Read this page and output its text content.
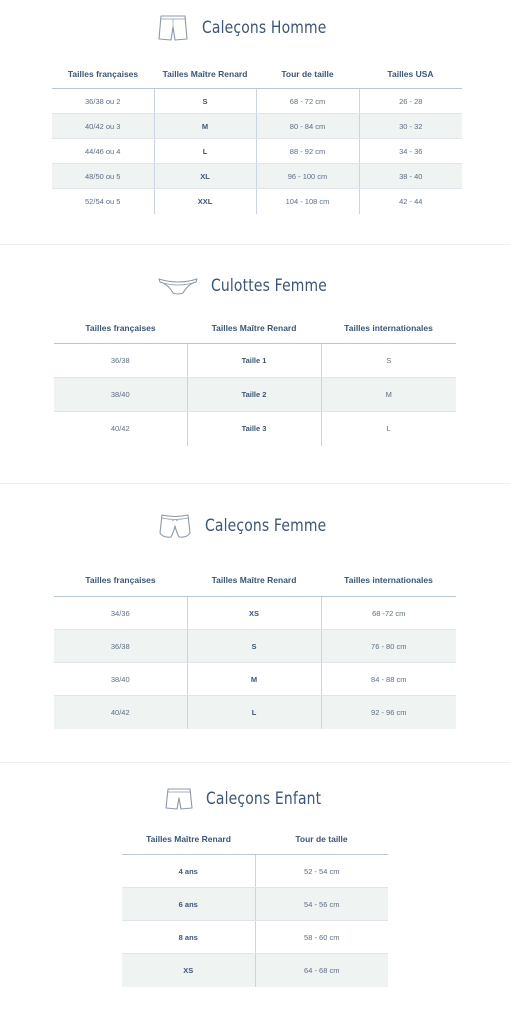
Caleçons Homme
Tailles françaises	Tailles Maître Renard	Tour de taille	Tailles USA
36/38 ou 2	S	68 - 72 cm	26 - 28
40/42 ou 3	M	80 - 84 cm	30 - 32
44/46 ou 4	L	88 - 92 cm	34 - 36
48/50 ou 5	XL	96 - 100 cm	38 - 40
52/54 ou 5	XXL	104 - 108 cm	42 - 44
Culottes Femme
Tailles françaises	Tailles Maître Renard	Tailles internationales
36/38	Taille 1	S
38/40	Taille 2	M
40/42	Taille 3	L
Caleçons Femme
Tailles françaises	Tailles Maître Renard	Tailles internationales
34/36	XS	68 -72 cm
36/38	S	76 - 80 cm
38/40	M	84 - 88 cm
40/42	L	92 - 96 cm
Caleçons Enfant
Tailles Maître Renard	Tour de taille
4 ans	52 - 54 cm
6 ans	54 - 56 cm
8 ans	58 - 60 cm
XS	64 - 68 cm
